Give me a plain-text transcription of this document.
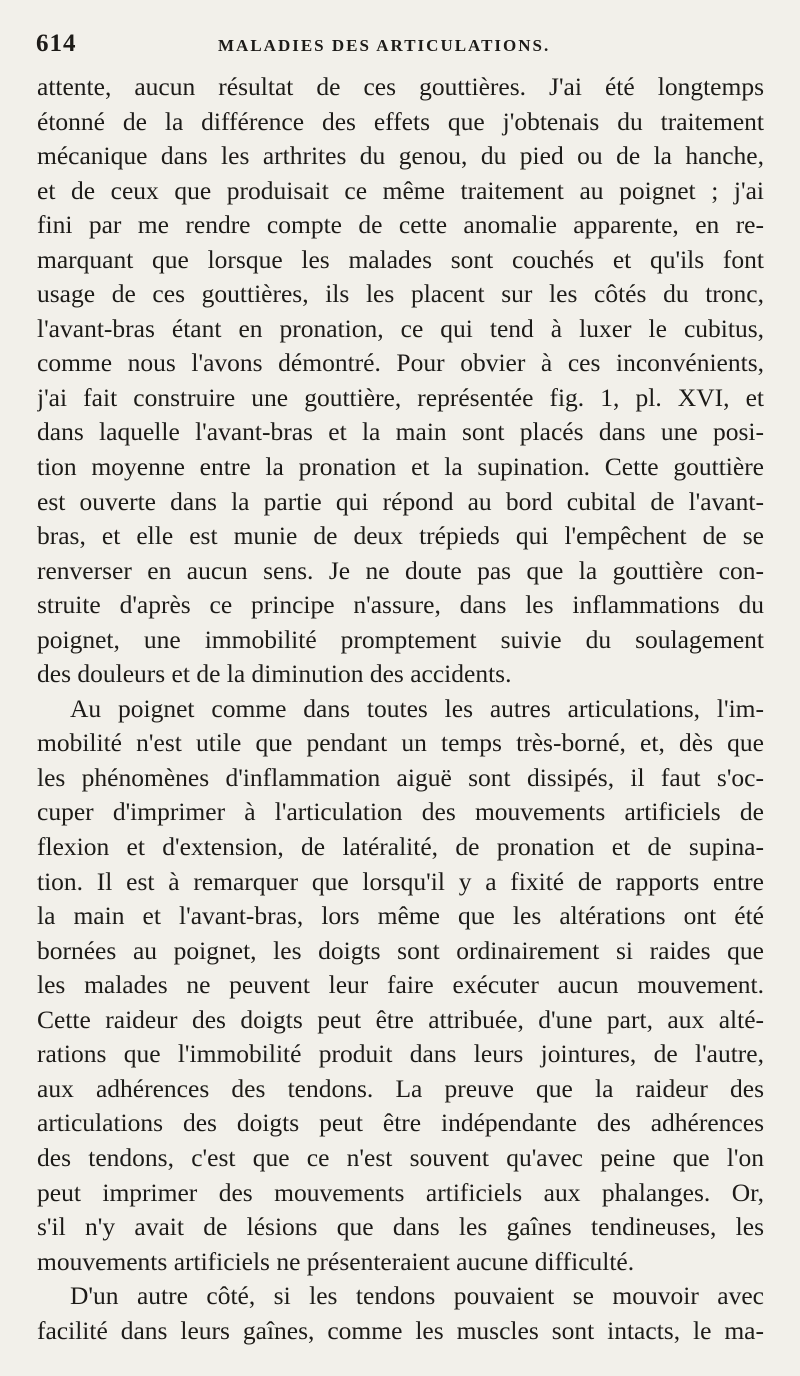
614	MALADIES DES ARTICULATIONS.
attente, aucun résultat de ces gouttières. J'ai été longtemps
étonné de la différence des effets que j'obtenais du traitement
mécanique dans les arthrites du genou, du pied ou de la hanche,
et de ceux que produisait ce même traitement au poignet ; j'ai
fini par me rendre compte de cette anomalie apparente, en re-
marquant que lorsque les malades sont couchés et qu'ils font
usage de ces gouttières, ils les placent sur les côtés du tronc,
l'avant-bras étant en pronation, ce qui tend à luxer le cubitus,
comme nous l'avons démontré. Pour obvier à ces inconvénients,
j'ai fait construire une gouttière, représentée fig. 1, pl. XVI, et
dans laquelle l'avant-bras et la main sont placés dans une posi-
tion moyenne entre la pronation et la supination. Cette gouttière
est ouverte dans la partie qui répond au bord cubital de l'avant-
bras, et elle est munie de deux trépieds qui l'empêchent de se
renverser en aucun sens. Je ne doute pas que la gouttière con-
struite d'après ce principe n'assure, dans les inflammations du
poignet, une immobilité promptement suivie du soulagement
des douleurs et de la diminution des accidents.
Au poignet comme dans toutes les autres articulations, l'im-
mobilité n'est utile que pendant un temps très-borné, et, dès que
les phénomènes d'inflammation aiguë sont dissipés, il faut s'oc-
cuper d'imprimer à l'articulation des mouvements artificiels de
flexion et d'extension, de latéralité, de pronation et de supina-
tion. Il est à remarquer que lorsqu'il y a fixité de rapports entre
la main et l'avant-bras, lors même que les altérations ont été
bornées au poignet, les doigts sont ordinairement si raides que
les malades ne peuvent leur faire exécuter aucun mouvement.
Cette raideur des doigts peut être attribuée, d'une part, aux alté-
rations que l'immobilité produit dans leurs jointures, de l'autre,
aux adhérences des tendons. La preuve que la raideur des
articulations des doigts peut être indépendante des adhérences
des tendons, c'est que ce n'est souvent qu'avec peine que l'on
peut imprimer des mouvements artificiels aux phalanges. Or,
s'il n'y avait de lésions que dans les gaînes tendineuses, les
mouvements artificiels ne présenteraient aucune difficulté.
D'un autre côté, si les tendons pouvaient se mouvoir avec
facilité dans leurs gaînes, comme les muscles sont intacts, le ma-
